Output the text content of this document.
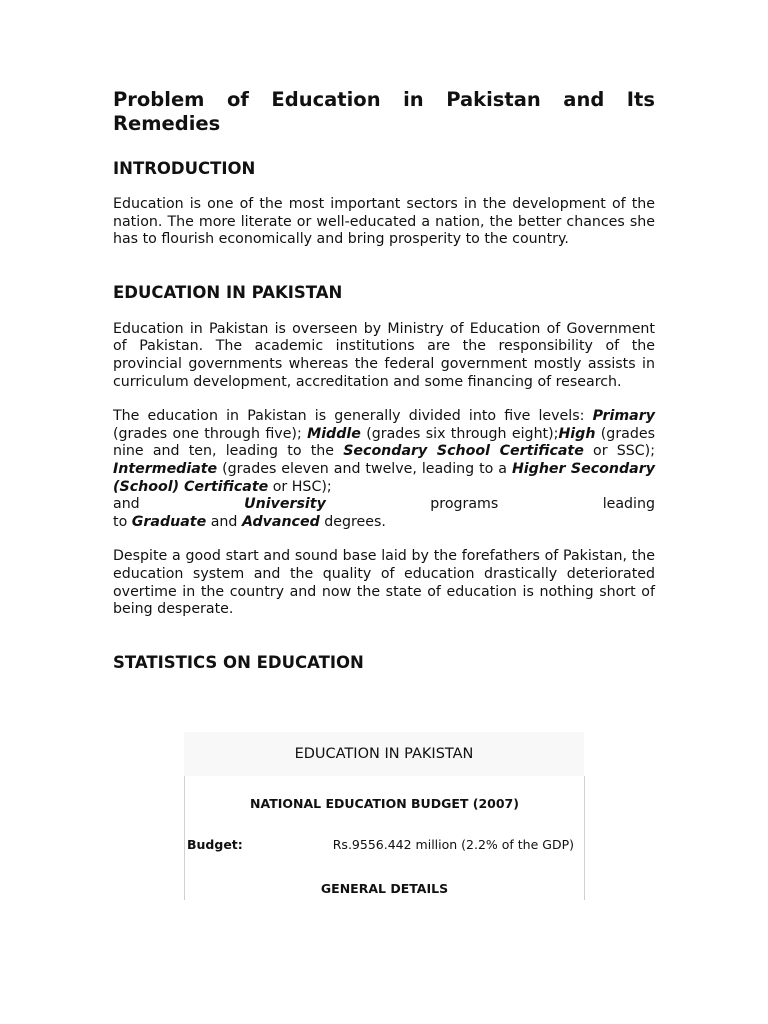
Problem of Education in Pakistan and Its
Remedies
INTRODUCTION

Education is one of the most important sectors in the development of the nation. The more literate or well-educated a nation, the better chances she has to flourish economically and bring prosperity to the country.

EDUCATION IN PAKISTAN

Education in Pakistan is overseen by Ministry of Education of Government of Pakistan. The academic institutions are the responsibility of the provincial governments whereas the federal government mostly assists in curriculum development, accreditation and some financing of research.

The education in Pakistan is generally divided into five levels: Primary (grades one through five); Middle (grades six through eight);High (grades nine and ten, leading to the Secondary School Certificate or SSC); Intermediate (grades eleven and twelve, leading to a Higher Secondary (School) Certificate or HSC);

and University programs leading
to Graduate and Advanced degrees.

Despite a good start and sound base laid by the forefathers of Pakistan, the education system and the quality of education drastically deteriorated overtime in the country and now the state of education is nothing short of being desperate.

STATISTICS ON EDUCATION
EDUCATION IN PAKISTAN
NATIONAL EDUCATION BUDGET (2007)
Budget:	Rs.9556.442 million (2.2% of the GDP)
GENERAL DETAILS
